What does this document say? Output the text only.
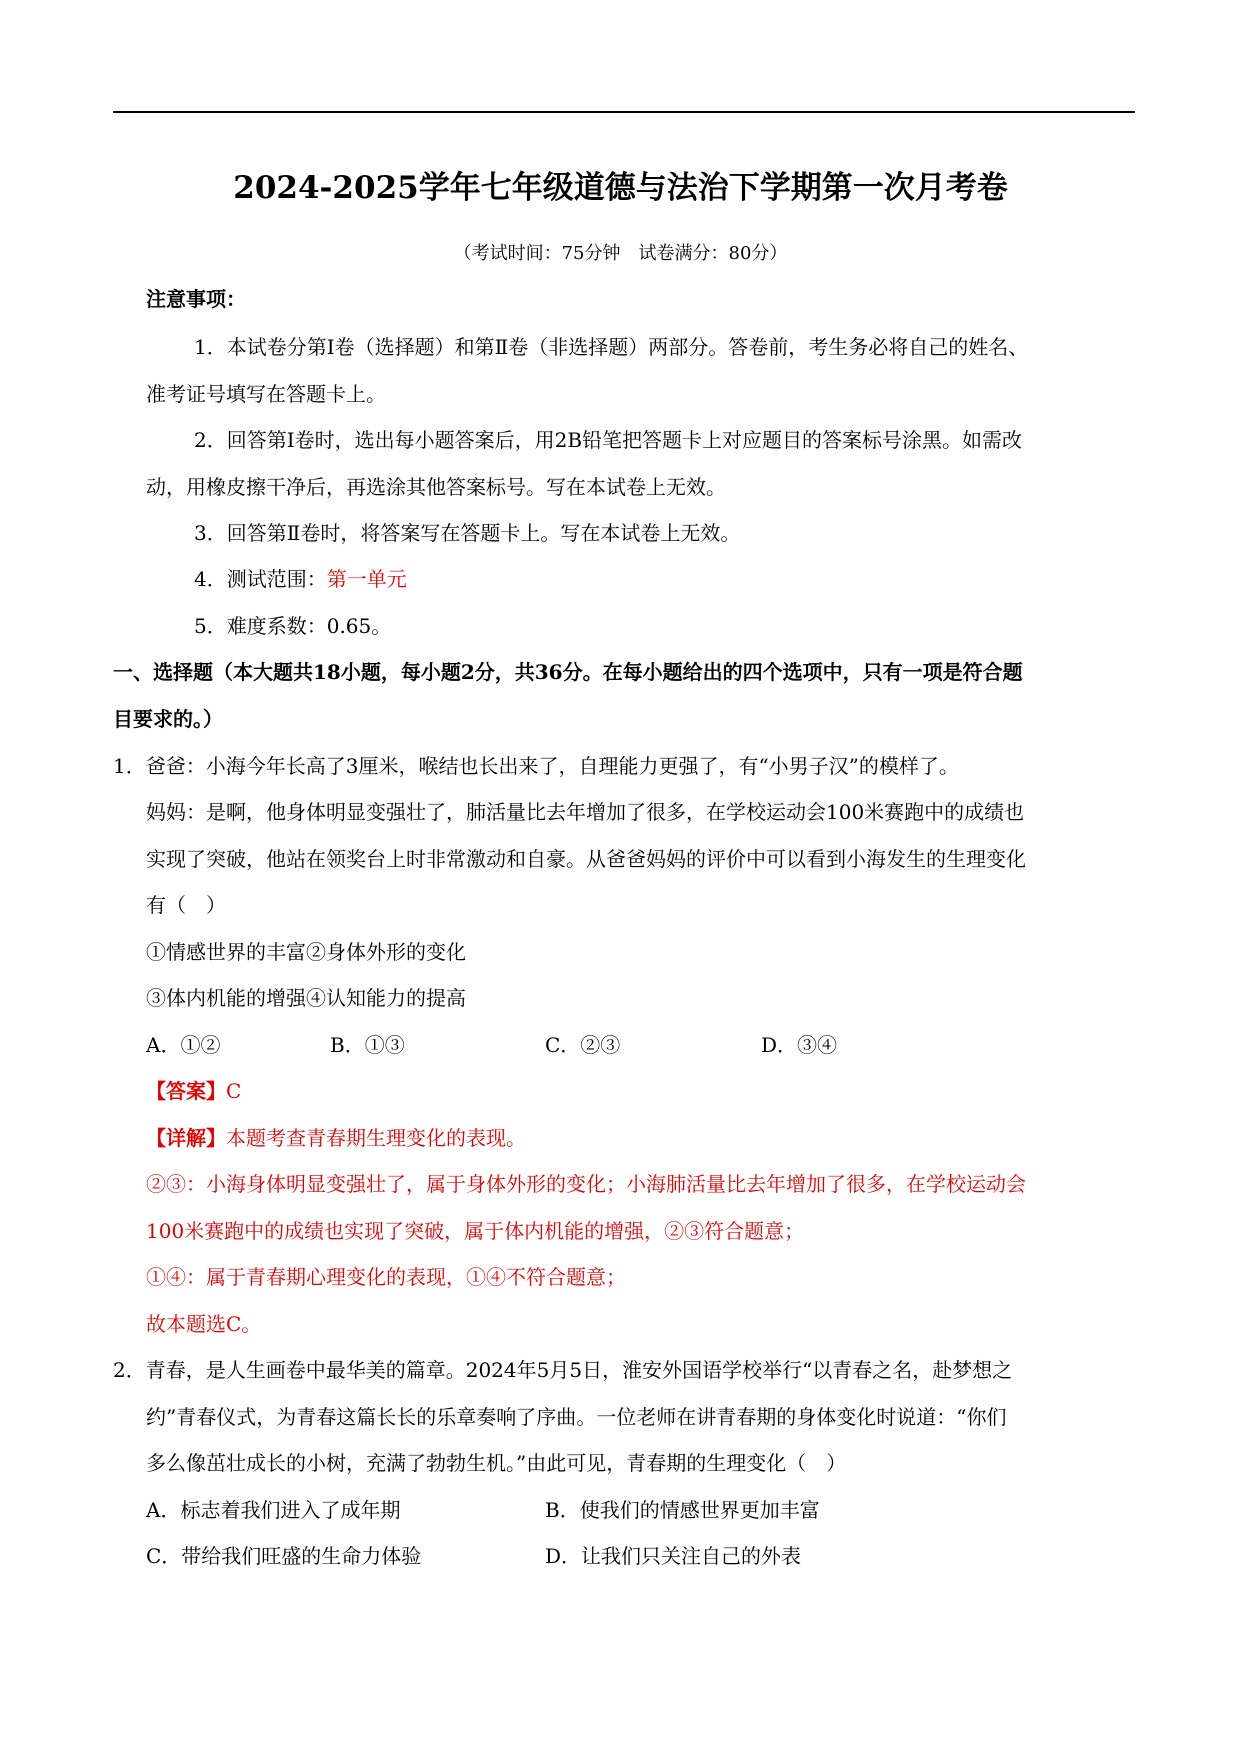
2024-2025学年七年级道德与法治下学期第一次月考卷
（考试时间：75分钟　试卷满分：80分）
注意事项：
1．本试卷分第Ⅰ卷（选择题）和第Ⅱ卷（非选择题）两部分。答卷前，考生务必将自己的姓名、
准考证号填写在答题卡上。
2．回答第Ⅰ卷时，选出每小题答案后，用2B铅笔把答题卡上对应题目的答案标号涂黑。如需改
动，用橡皮擦干净后，再选涂其他答案标号。写在本试卷上无效。
3．回答第Ⅱ卷时，将答案写在答题卡上。写在本试卷上无效。
4．测试范围：第一单元
5．难度系数：0.65。
一、选择题（本大题共18小题，每小题2分，共36分。在每小题给出的四个选项中，只有一项是符合题
目要求的。）
1．爸爸：小海今年长高了3厘米，喉结也长出来了，自理能力更强了，有“小男子汉”的模样了。
妈妈：是啊，他身体明显变强壮了，肺活量比去年增加了很多，在学校运动会100米赛跑中的成绩也
实现了突破，他站在领奖台上时非常激动和自豪。从爸爸妈妈的评价中可以看到小海发生的生理变化
有（　）
①情感世界的丰富②身体外形的变化
③体内机能的增强④认知能力的提高
A．①②	B．①③	C．②③	D．③④
【答案】C
【详解】本题考查青春期生理变化的表现。
②③：小海身体明显变强壮了，属于身体外形的变化；小海肺活量比去年增加了很多，在学校运动会
100米赛跑中的成绩也实现了突破，属于体内机能的增强，②③符合题意；
①④：属于青春期心理变化的表现，①④不符合题意；
故本题选C。
2．青春，是人生画卷中最华美的篇章。2024年5月5日，淮安外国语学校举行“以青春之名，赴梦想之
约”青春仪式，为青春这篇长长的乐章奏响了序曲。一位老师在讲青春期的身体变化时说道：“你们
多么像茁壮成长的小树，充满了勃勃生机。”由此可见，青春期的生理变化（　）
A．标志着我们进入了成年期	B．使我们的情感世界更加丰富
C．带给我们旺盛的生命力体验	D．让我们只关注自己的外表
